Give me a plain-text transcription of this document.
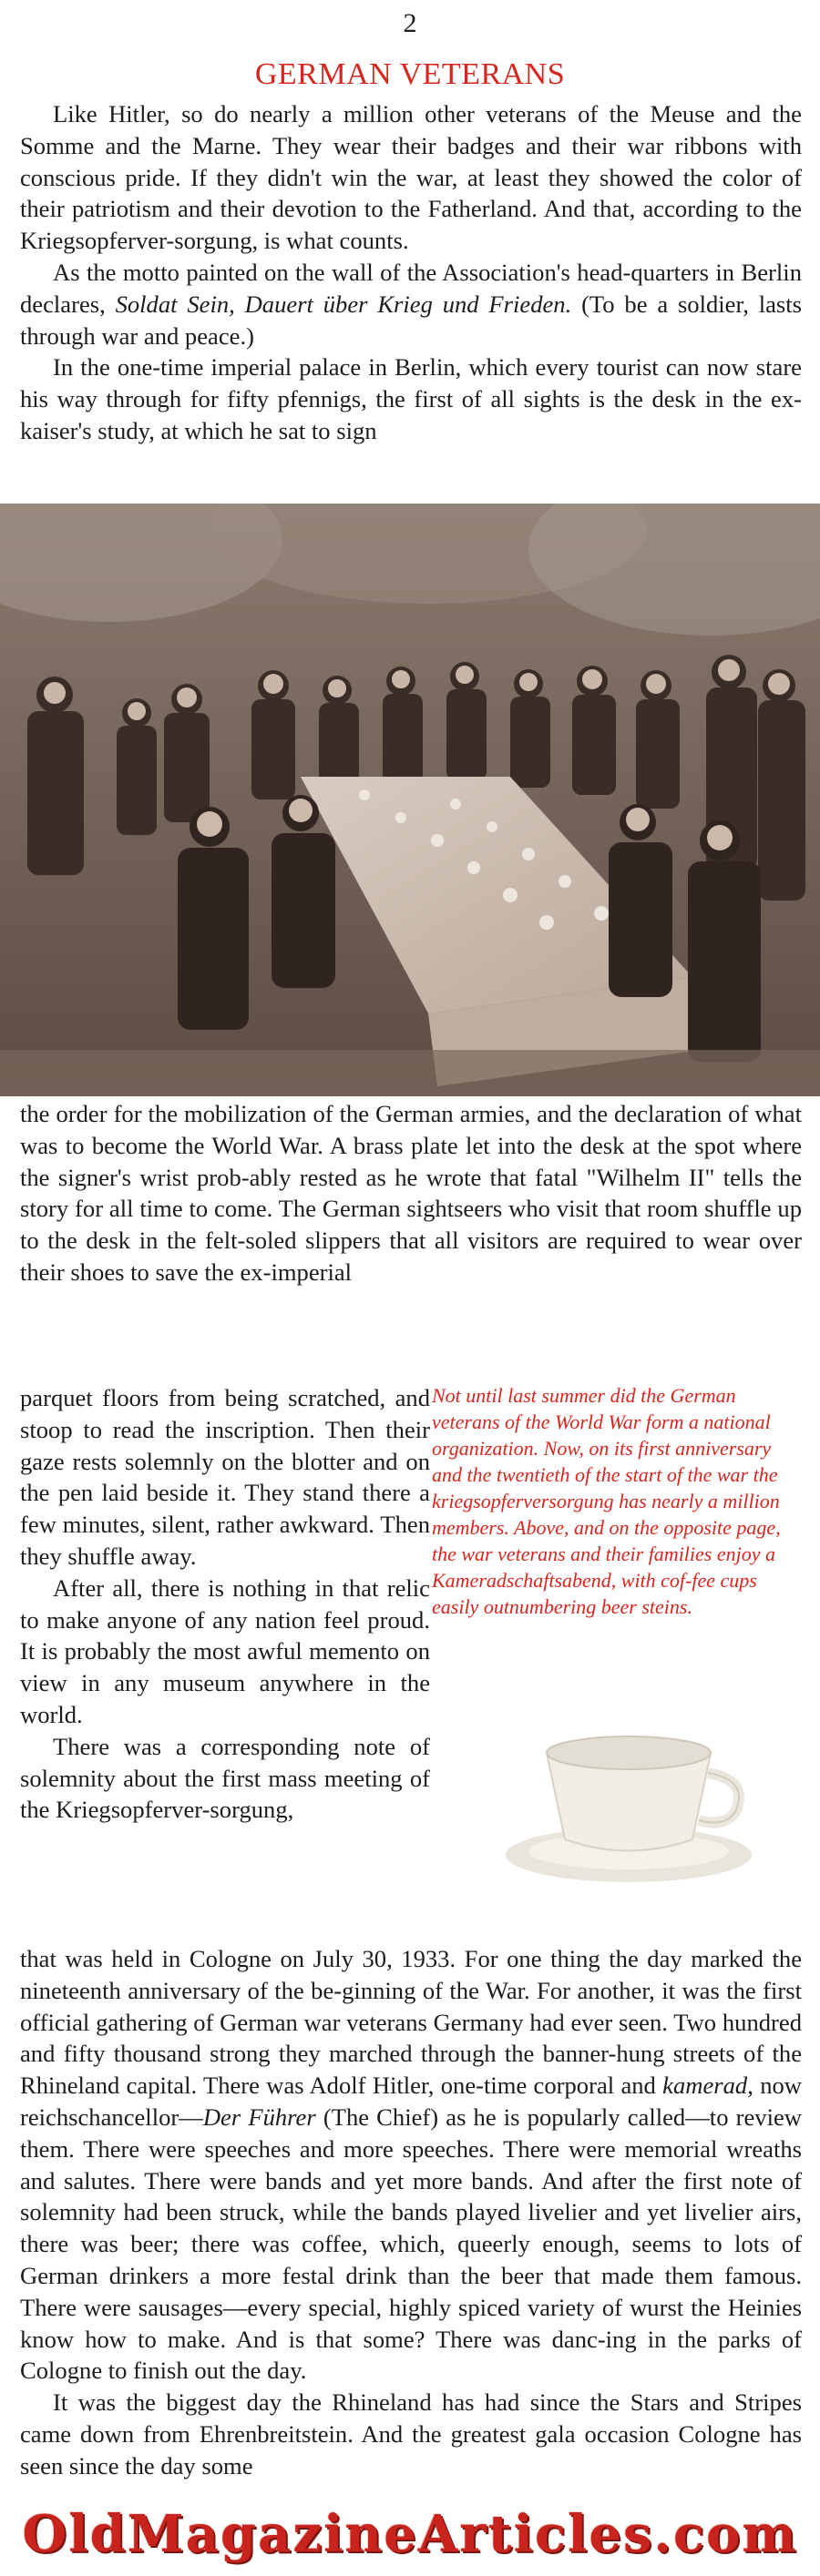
2
GERMAN VETERANS

Like Hitler, so do nearly a million other veterans of the Meuse and the Somme and the Marne. They wear their badges and their war ribbons with conscious pride. If they didn't win the war, at least they showed the color of their patriotism and their devotion to the Fatherland. And that, according to the Kriegsopferver-sorgung, is what counts.

As the motto painted on the wall of the Association's head-quarters in Berlin declares, Soldat Sein, Dauert über Krieg und Frieden. (To be a soldier, lasts through war and peace.)

In the one-time imperial palace in Berlin, which every tourist can now stare his way through for fifty pfennigs, the first of all sights is the desk in the ex-kaiser's study, at which he sat to sign

the order for the mobilization of the German armies, and the declaration of what was to become the World War. A brass plate let into the desk at the spot where the signer's wrist prob-ably rested as he wrote that fatal "Wilhelm II" tells the story for all time to come. The German sightseers who visit that room shuffle up to the desk in the felt-soled slippers that all visitors are required to wear over their shoes to save the ex-imperial

parquet floors from being scratched, and stoop to read the inscription. Then their gaze rests solemnly on the blotter and on the pen laid beside it. They stand there a few minutes, silent, rather awkward. Then they shuffle away.

After all, there is nothing in that relic to make anyone of any nation feel proud. It is probably the most awful memento on view in any museum anywhere in the world.

There was a corresponding note of solemnity about the first mass meeting of the Kriegsopferver-sorgung,

Not until last summer did the German veterans of the World War form a national organization. Now, on its first anniversary and the twentieth of the start of the war the kriegsopferversorgung has nearly a million members. Above, and on the opposite page, the war veterans and their families enjoy a Kameradschaftsabend, with cof-fee cups easily outnumbering beer steins.

that was held in Cologne on July 30, 1933. For one thing the day marked the nineteenth anniversary of the be-ginning of the War. For another, it was the first official gathering of German war veterans Germany had ever seen. Two hundred and fifty thousand strong they marched through the banner-hung streets of the Rhineland capital. There was Adolf Hitler, one-time corporal and kamerad, now reichschancellor—Der Führer (The Chief) as he is popularly called—to review them. There were speeches and more speeches. There were memorial wreaths and salutes. There were bands and yet more bands. And after the first note of solemnity had been struck, while the bands played livelier and yet livelier airs, there was beer; there was coffee, which, queerly enough, seems to lots of German drinkers a more festal drink than the beer that made them famous. There were sausages—every special, highly spiced variety of wurst the Heinies know how to make. And is that some? There was danc-ing in the parks of Cologne to finish out the day.

It was the biggest day the Rhineland has had since the Stars and Stripes came down from Ehrenbreitstein. And the greatest gala occasion Cologne has seen since the day some

OldMagazineArticles.com
